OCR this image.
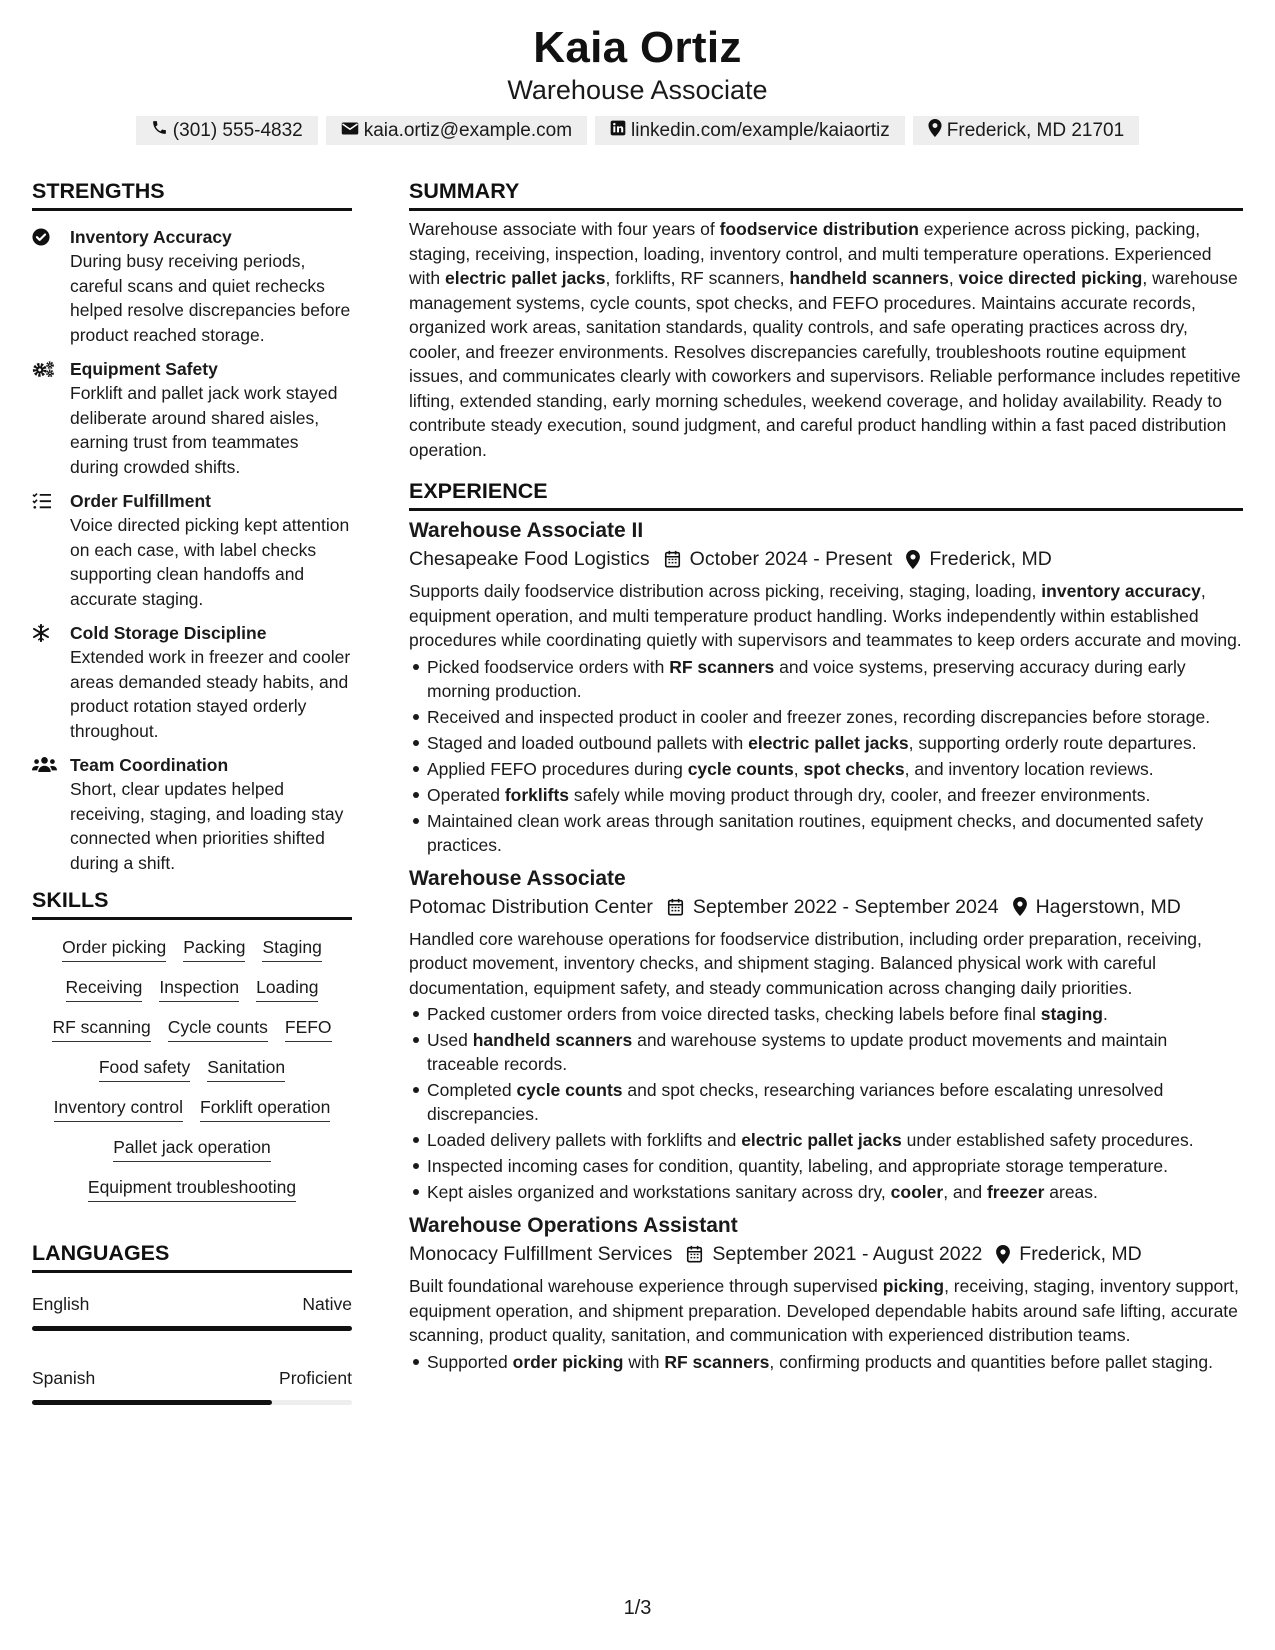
Kaia Ortiz
Warehouse Associate
(301) 555-4832	kaia.ortiz@example.com	linkedin.com/example/kaiaortiz	Frederick, MD 21701
STRENGTHS
Inventory Accuracy
During busy receiving periods, careful scans and quiet rechecks helped resolve discrepancies before product reached storage.
Equipment Safety
Forklift and pallet jack work stayed deliberate around shared aisles, earning trust from teammates during crowded shifts.
Order Fulfillment
Voice directed picking kept attention on each case, with label checks supporting clean handoffs and accurate staging.
Cold Storage Discipline
Extended work in freezer and cooler areas demanded steady habits, and product rotation stayed orderly throughout.
Team Coordination
Short, clear updates helped receiving, staging, and loading stay connected when priorities shifted during a shift.
SKILLS
Order picking Packing Staging
Receiving Inspection Loading
RF scanning Cycle counts FEFO
Food safety Sanitation
Inventory control Forklift operation
Pallet jack operation
Equipment troubleshooting
LANGUAGES
English	Native
Spanish	Proficient
SUMMARY
Warehouse associate with four years of foodservice distribution experience across picking, packing, staging, receiving, inspection, loading, inventory control, and multi temperature operations. Experienced with electric pallet jacks, forklifts, RF scanners, handheld scanners, voice directed picking, warehouse management systems, cycle counts, spot checks, and FEFO procedures. Maintains accurate records, organized work areas, sanitation standards, quality controls, and safe operating practices across dry, cooler, and freezer environments. Resolves discrepancies carefully, troubleshoots routine equipment issues, and communicates clearly with coworkers and supervisors. Reliable performance includes repetitive lifting, extended standing, early morning schedules, weekend coverage, and holiday availability. Ready to contribute steady execution, sound judgment, and careful product handling within a fast paced distribution operation.
EXPERIENCE
Warehouse Associate II
Chesapeake Food Logistics October 2024 - Present Frederick, MD
Supports daily foodservice distribution across picking, receiving, staging, loading, inventory accuracy, equipment operation, and multi temperature product handling. Works independently within established procedures while coordinating quietly with supervisors and teammates to keep orders accurate and moving.
Picked foodservice orders with RF scanners and voice systems, preserving accuracy during early morning production.
Received and inspected product in cooler and freezer zones, recording discrepancies before storage.
Staged and loaded outbound pallets with electric pallet jacks, supporting orderly route departures.
Applied FEFO procedures during cycle counts, spot checks, and inventory location reviews.
Operated forklifts safely while moving product through dry, cooler, and freezer environments.
Maintained clean work areas through sanitation routines, equipment checks, and documented safety practices.
Warehouse Associate
Potomac Distribution Center September 2022 - September 2024 Hagerstown, MD
Handled core warehouse operations for foodservice distribution, including order preparation, receiving, product movement, inventory checks, and shipment staging. Balanced physical work with careful documentation, equipment safety, and steady communication across changing daily priorities.
Packed customer orders from voice directed tasks, checking labels before final staging.
Used handheld scanners and warehouse systems to update product movements and maintain traceable records.
Completed cycle counts and spot checks, researching variances before escalating unresolved discrepancies.
Loaded delivery pallets with forklifts and electric pallet jacks under established safety procedures.
Inspected incoming cases for condition, quantity, labeling, and appropriate storage temperature.
Kept aisles organized and workstations sanitary across dry, cooler, and freezer areas.
Warehouse Operations Assistant
Monocacy Fulfillment Services September 2021 - August 2022 Frederick, MD
Built foundational warehouse experience through supervised picking, receiving, staging, inventory support, equipment operation, and shipment preparation. Developed dependable habits around safe lifting, accurate scanning, product quality, sanitation, and communication with experienced distribution teams.
Supported order picking with RF scanners, confirming products and quantities before pallet staging.
1/3
